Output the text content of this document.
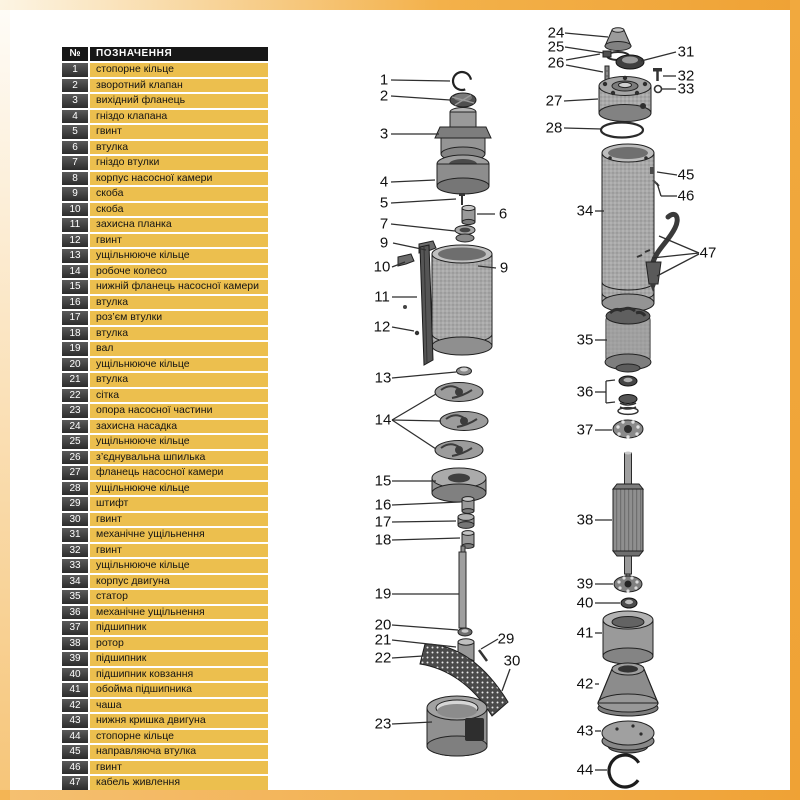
№	ПОЗНАЧЕННЯ
1	стопорне кільце
2	зворотний клапан
3	вихідний фланець
4	гніздо клапана
5	гвинт
6	втулка
7	гніздо втулки
8	корпус насосної камери
9	скоба
10	скоба
11	захисна планка
12	гвинт
13	ущільнююче кільце
14	робоче колесо
15	нижній фланець насосної камери
16	втулка
17	роз’єм втулки
18	втулка
19	вал
20	ущільнююче кільце
21	втулка
22	сітка
23	опора насосної частини
24	захисна насадка
25	ущільнююче кільце
26	з’єднувальна шпилька
27	фланець насосної камери
28	ущільнююче кільце
29	штифт
30	гвинт
31	механічне ущільнення
32	гвинт
33	ущільнююче кільце
34	корпус двигуна
35	статор
36	механічне ущільнення
37	підшипник
38	ротор
39	підшипник
40	підшипник ковзання
41	обойма підшипника
42	чаша
43	нижня кришка двигуна
44	стопорне кільце
45	направляюча втулка
46	гвинт
47	кабель живлення
1
2
3
4
5
6
7
9
10	9
11
12
13
14
15
16
17
18
19
20
21	29
22	30
23
24
25
26
31
32
33
27
28
34
45
46
47
35
36
37
38
39
40
41
42
43
44
